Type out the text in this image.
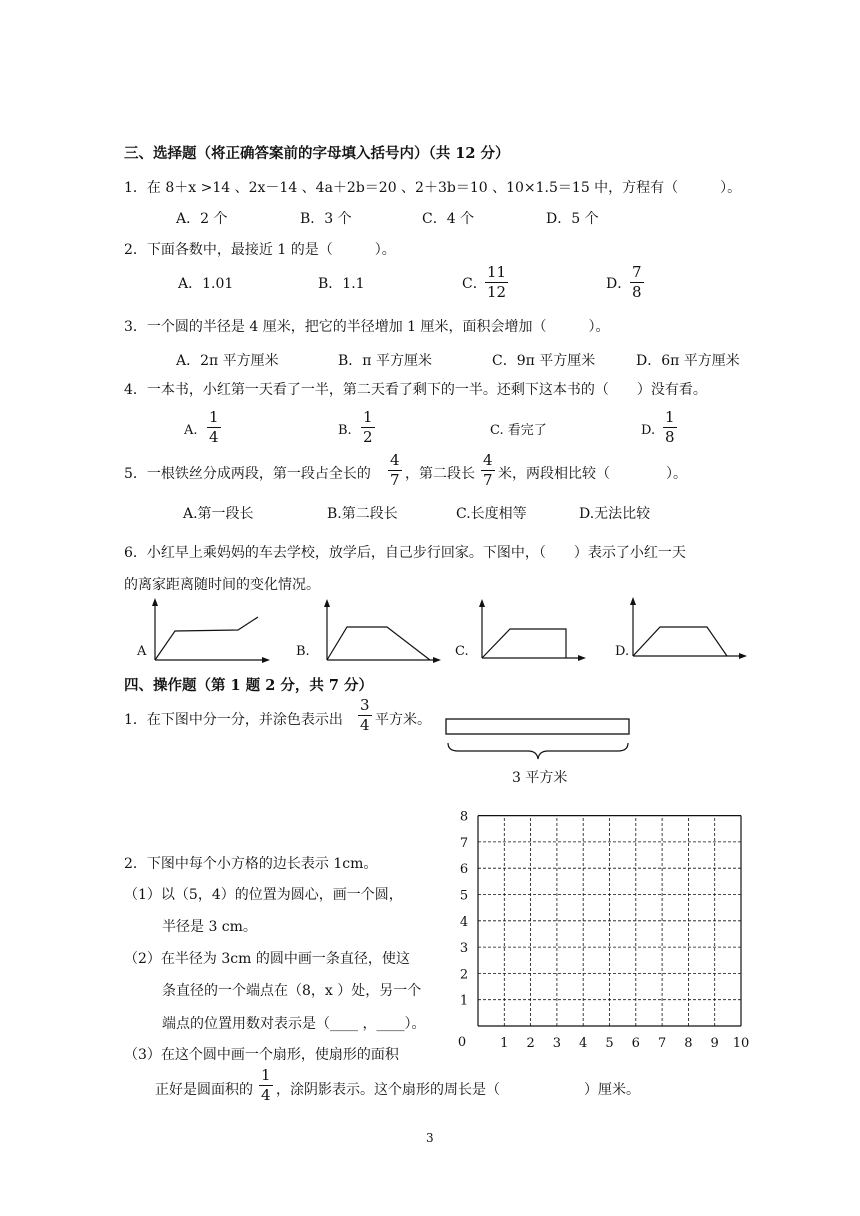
三、选择题（将正确答案前的字母填入括号内）（共 12 分）
1．在 8＋x >14 、2x－14 、4a＋2b＝20 、2＋3b＝10 、10×1.5＝15 中，方程有（　　　）。
A．2 个	B．3 个	C．4 个	D．5 个
2．下面各数中，最接近 1 的是（　　　）。
A．1.01	B．1.1	C．
$\frac{11}{12}$	D．
$\frac{7}{8}$
3．一个圆的半径是 4 厘米，把它的半径增加 1 厘米，面积会增加（　　　）。
A．2π 平方厘米	B．π 平方厘米	C．9π 平方厘米	D．6π 平方厘米
4．一本书，小红第一天看了一半，第二天看了剩下的一半。还剩下这本书的（　　）没有看。
A. $\frac{1}{4}$	B. $\frac{1}{2}$	C. 看完了	D. $\frac{1}{8}$
5．一根铁丝分成两段，第一段占全长的 $\frac{4}{7}$ ，第二段长 $\frac{4}{7}$ 米，两段相比较（　　　　）。
A.第一段长	B.第二段长	C.长度相等	D.无法比较
6．小红早上乘妈妈的车去学校，放学后，自己步行回家。下图中，（　　）表示了小红一天
的离家距离随时间的变化情况。
A	B.	C.	D.
四、操作题（第 1 题 2 分，共 7 分）
1．在下图中分一分，并涂色表示出 $\frac{3}{4}$ 平方米。
3 平方米
2．下图中每个小方格的边长表示 1cm。
（1）以（5，4）的位置为圆心，画一个圆，
半径是 3 cm。
（2）在半径为 3cm 的圆中画一条直径，使这
条直径的一个端点在（8，x ）处，另一个
端点的位置用数对表示是（____ ，____）。
（3）在这个圆中画一个扇形，使扇形的面积
正好是圆面积的 $\frac{1}{4}$ ，涂阴影表示。这个扇形的周长是（　　　　　　）厘米。
0	1 2 3 4 5 6 7 8 9 10
1
2
3
4
5
6
7
8
3
